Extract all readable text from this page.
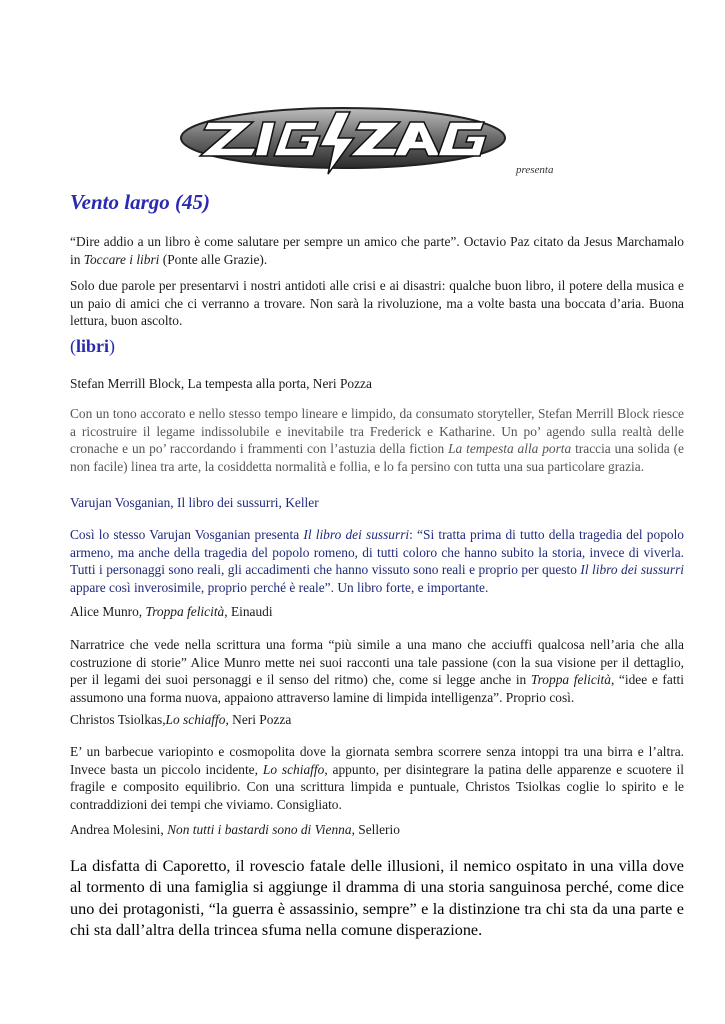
presenta
Vento largo (45)
“Dire addio a un libro è come salutare per sempre un amico che parte”. Octavio Paz citato da Jesus Marchamalo in Toccare i libri (Ponte alle Grazie).
Solo due parole per presentarvi i nostri antidoti alle crisi e ai disastri: qualche buon libro, il potere della musica e un paio di amici che ci verranno a trovare. Non sarà la rivoluzione, ma a volte basta una boccata d’aria. Buona lettura, buon ascolto.
(libri)
Stefan Merrill Block, La tempesta alla porta, Neri Pozza
Con un tono accorato e nello stesso tempo lineare e limpido, da consumato storyteller, Stefan Merrill Block riesce a ricostruire il legame indissolubile e inevitabile tra Frederick e Katharine. Un po’ agendo sulla realtà delle cronache e un po’ raccordando i frammenti con l’astuzia della fiction La tempesta alla porta traccia una solida (e non facile) linea tra arte, la cosiddetta normalità e follia, e lo fa persino con tutta una sua particolare grazia.
Varujan Vosganian, Il libro dei sussurri, Keller
Così lo stesso Varujan Vosganian presenta Il libro dei sussurri: “Si tratta prima di tutto della tragedia del popolo armeno, ma anche della tragedia del popolo romeno, di tutti coloro che hanno subito la storia, invece di viverla. Tutti i personaggi sono reali, gli accadimenti che hanno vissuto sono reali e proprio per questo Il libro dei sussurri appare così inverosimile, proprio perché è reale”. Un libro forte, e importante.
Alice Munro, Troppa felicità, Einaudi
Narratrice che vede nella scrittura una forma “più simile a una mano che acciuffi qualcosa nell’aria che alla costruzione di storie” Alice Munro mette nei suoi racconti una tale passione (con la sua visione per il dettaglio, per il legami dei suoi personaggi e il senso del ritmo) che, come si legge anche in Troppa felicità, “idee e fatti assumono una forma nuova, appaiono attraverso lamine di limpida intelligenza”. Proprio così.
Christos Tsiolkas,Lo schiaffo, Neri Pozza
E’ un barbecue variopinto e cosmopolita dove la giornata sembra scorrere senza intoppi tra una birra e l’altra. Invece basta un piccolo incidente, Lo schiaffo, appunto, per disintegrare la patina delle apparenze e scuotere il fragile e composito equilibrio. Con una scrittura limpida e puntuale, Christos Tsiolkas coglie lo spirito e le contraddizioni dei tempi che viviamo. Consigliato.
Andrea Molesini, Non tutti i bastardi sono di Vienna, Sellerio
La disfatta di Caporetto, il rovescio fatale delle illusioni, il nemico ospitato in una villa dove al tormento di una famiglia si aggiunge il dramma di una storia sanguinosa perché, come dice uno dei protagonisti, “la guerra è assassinio, sempre” e la distinzione tra chi sta da una parte e chi sta dall’altra della trincea sfuma nella comune disperazione.
